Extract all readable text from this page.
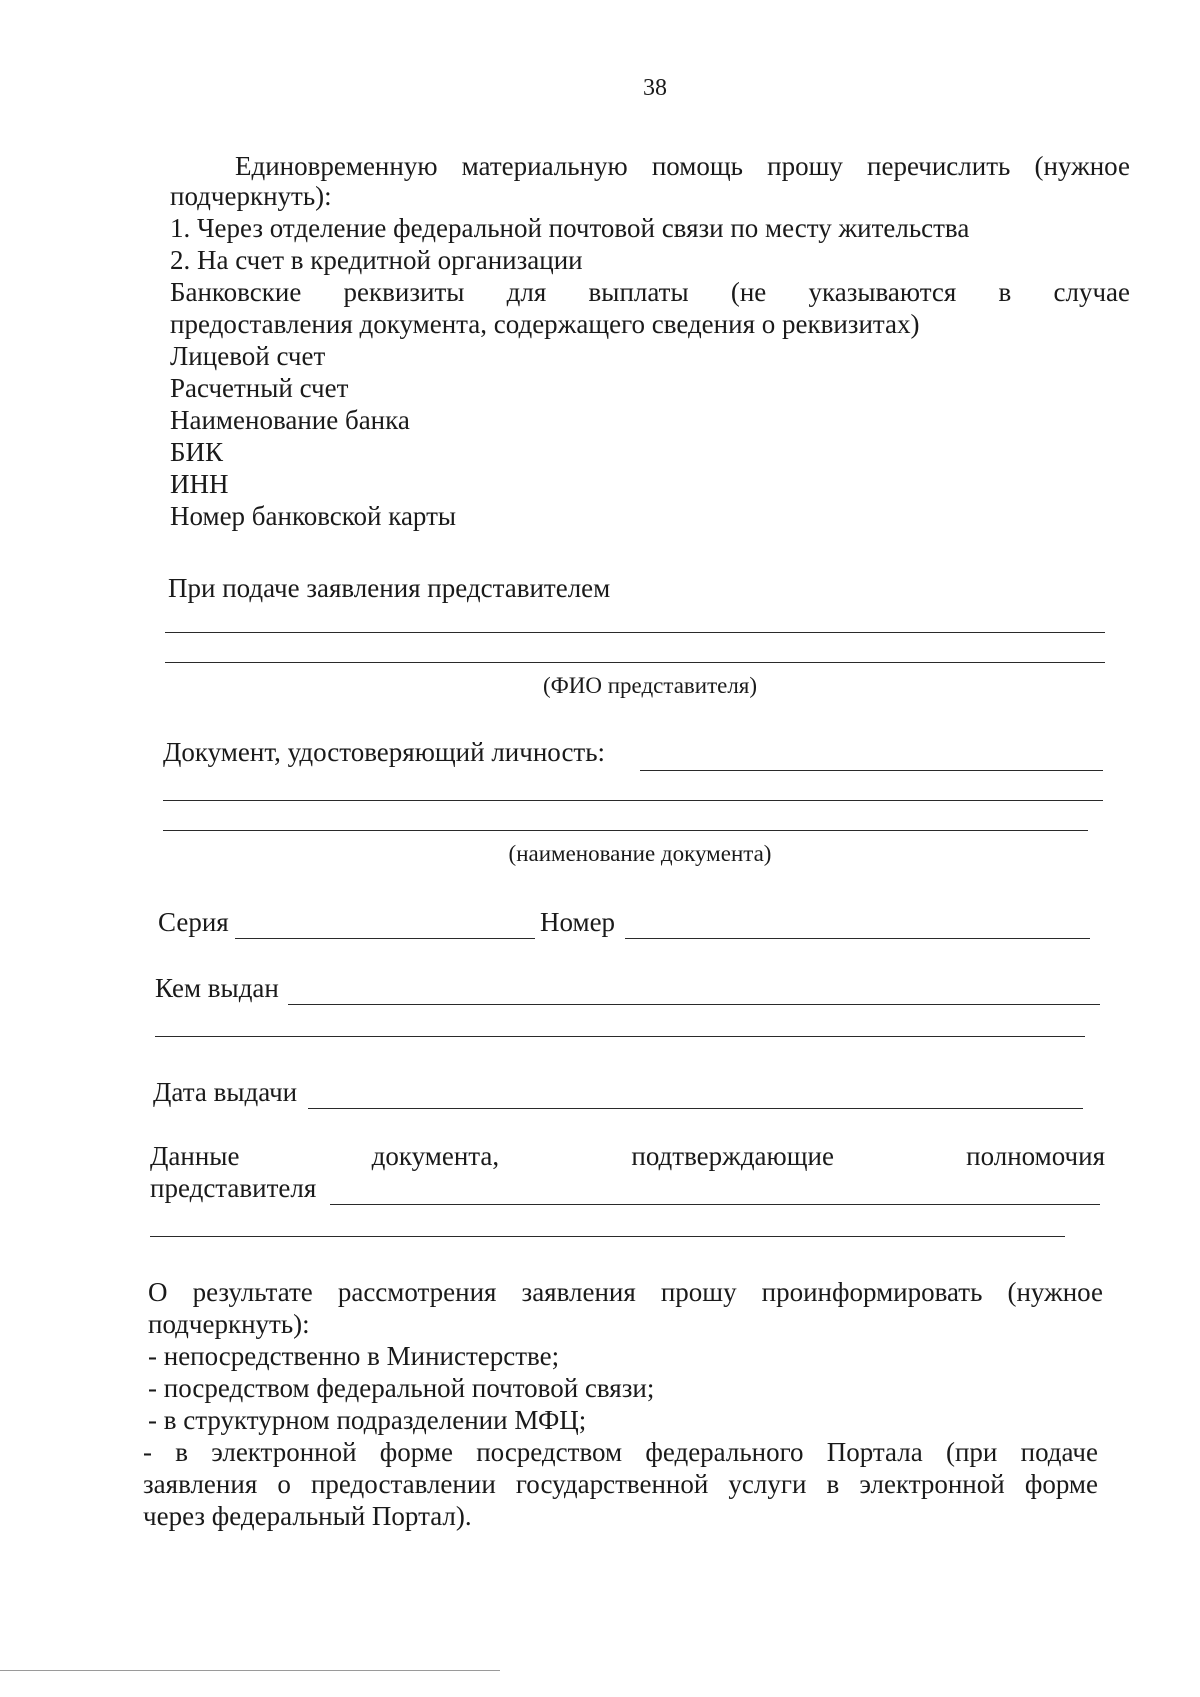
38
Единовременную материальную помощь прошу перечислить (нужное
подчеркнуть):
1. Через отделение федеральной почтовой связи по месту жительства
2. На счет в кредитной организации
Банковские реквизиты для выплаты (не указываются в случае
предоставления документа, содержащего сведения о реквизитах)
Лицевой счет
Расчетный счет
Наименование банка
БИК
ИНН
Номер банковской карты
При подаче заявления представителем
(ФИО представителя)
Документ, удостоверяющий личность:
(наименование документа)
Серия	Номер
Кем выдан
Дата выдачи
Данные документа, подтверждающие полномочия
представителя
О результате рассмотрения заявления прошу проинформировать (нужное
подчеркнуть):
- непосредственно в Министерстве;
- посредством федеральной почтовой связи;
- в структурном подразделении МФЦ;
- в электронной форме посредством федерального Портала (при подаче
заявления о предоставлении государственной услуги в электронной форме
через федеральный Портал).
